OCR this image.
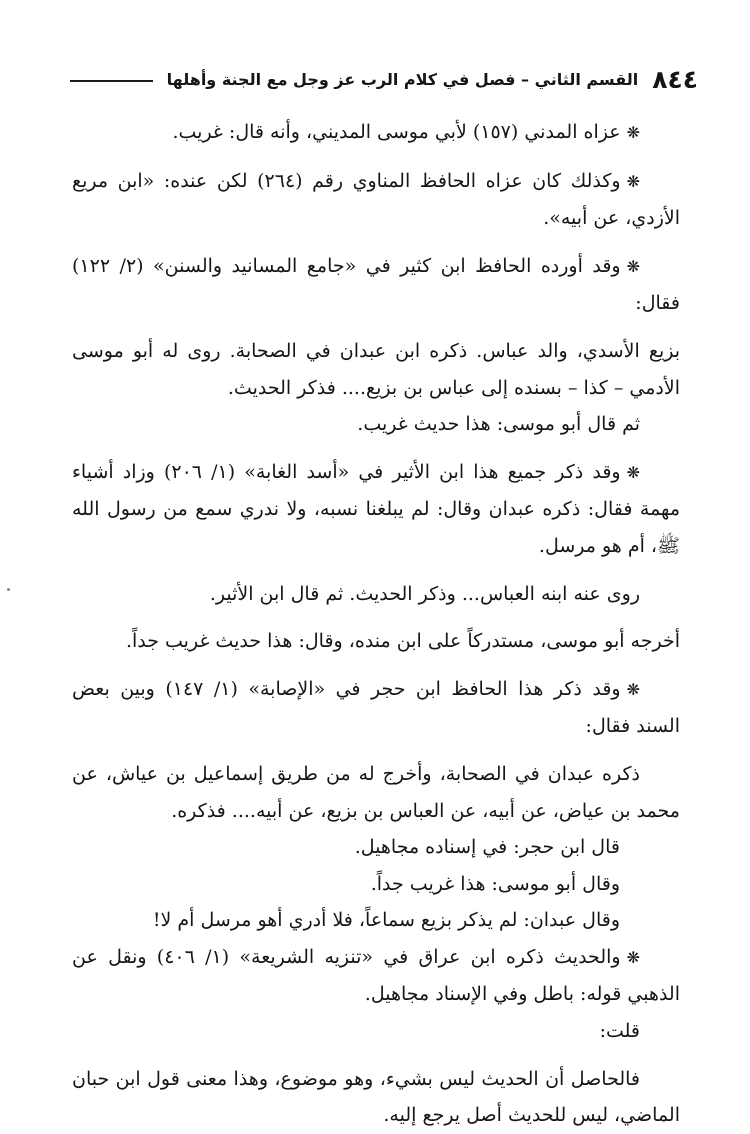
٨٤٤
القسم الثاني – فصل في كلام الرب عز وجل مع الجنة وأهلها

❋عزاه المدني (١٥٧) لأبي موسى المديني، وأنه قال: غريب.

❋وكذلك كان عزاه الحافظ المناوي رقم (٢٦٤) لكن عنده: «ابن مريع الأزدي، عن أبيه».

❋وقد أورده الحافظ ابن كثير في «جامع المسانيد والسنن» (٢/ ١٢٢) فقال:

بزيع الأسدي، والد عباس. ذكره ابن عبدان في الصحابة. روى له أبو موسى الأدمي – كذا – بسنده إلى عباس بن بزيع.... فذكر الحديث.

ثم قال أبو موسى: هذا حديث غريب.

❋وقد ذكر جميع هذا ابن الأثير في «أسد الغابة» (١/ ٢٠٦) وزاد أشياء مهمة فقال: ذكره عبدان وقال: لم يبلغنا نسبه، ولا ندري سمع من رسول الله ﷺ، أم هو مرسل.

روى عنه ابنه العباس... وذكر الحديث. ثم قال ابن الأثير.

أخرجه أبو موسى، مستدركاً على ابن منده، وقال: هذا حديث غريب جداً.

❋وقد ذكر هذا الحافظ ابن حجر في «الإصابة» (١/ ١٤٧) وبين بعض السند فقال:

ذكره عبدان في الصحابة، وأخرج له من طريق إسماعيل بن عياش، عن محمد بن عياض، عن أبيه، عن العباس بن بزيع، عن أبيه.... فذكره.

قال ابن حجر: في إسناده مجاهيل.

وقال أبو موسى: هذا غريب جداً.

وقال عبدان: لم يذكر بزيع سماعاً، فلا أدري أهو مرسل أم لا!

❋والحديث ذكره ابن عراق في «تنزيه الشريعة» (١/ ٤٠٦) ونقل عن الذهبي قوله: باطل وفي الإسناد مجاهيل.

قلت:

فالحاصل أن الحديث ليس بشيء، وهو موضوع، وهذا معنى قول ابن حبان الماضي، ليس للحديث أصل يرجع إليه.
